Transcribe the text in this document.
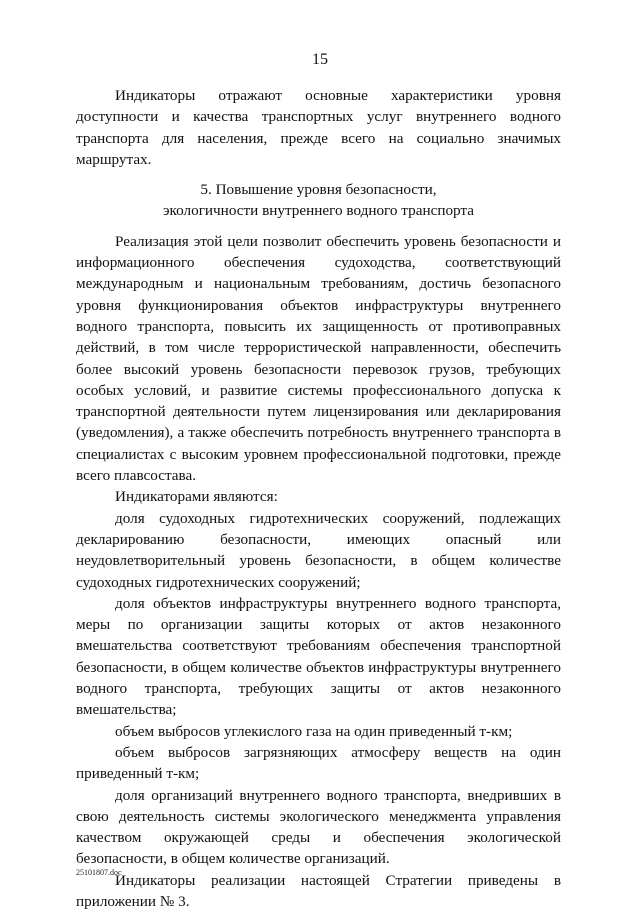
15

Индикаторы отражают основные характеристики уровня доступности и качества транспортных услуг внутреннего водного транспорта для населения, прежде всего на социально значимых маршрутах.

5. Повышение уровня безопасности,
экологичности внутреннего водного транспорта

Реализация этой цели позволит обеспечить уровень безопасности и информационного обеспечения судоходства, соответствующий международным и национальным требованиям, достичь безопасного уровня функционирования объектов инфраструктуры внутреннего водного транспорта, повысить их защищенность от противоправных действий, в том числе террористической направленности, обеспечить более высокий уровень безопасности перевозок грузов, требующих особых условий, и развитие системы профессионального допуска к транспортной деятельности путем лицензирования или декларирования (уведомления), а также обеспечить потребность внутреннего транспорта в специалистах с высоким уровнем профессиональной подготовки, прежде всего плавсостава.

Индикаторами являются:

доля судоходных гидротехнических сооружений, подлежащих декларированию безопасности, имеющих опасный или неудовлетворительный уровень безопасности, в общем количестве судоходных гидротехнических сооружений;

доля объектов инфраструктуры внутреннего водного транспорта, меры по организации защиты которых от актов незаконного вмешательства соответствуют требованиям обеспечения транспортной безопасности, в общем количестве объектов инфраструктуры внутреннего водного транспорта, требующих защиты от актов незаконного вмешательства;

объем выбросов углекислого газа на один приведенный т-км;

объем выбросов загрязняющих атмосферу веществ на один приведенный т-км;

доля организаций внутреннего водного транспорта, внедривших в свою деятельность системы экологического менеджмента управления качеством окружающей среды и обеспечения экологической безопасности, в общем количестве организаций.

Индикаторы реализации настоящей Стратегии приведены в приложении № 3.

25101807.doc
